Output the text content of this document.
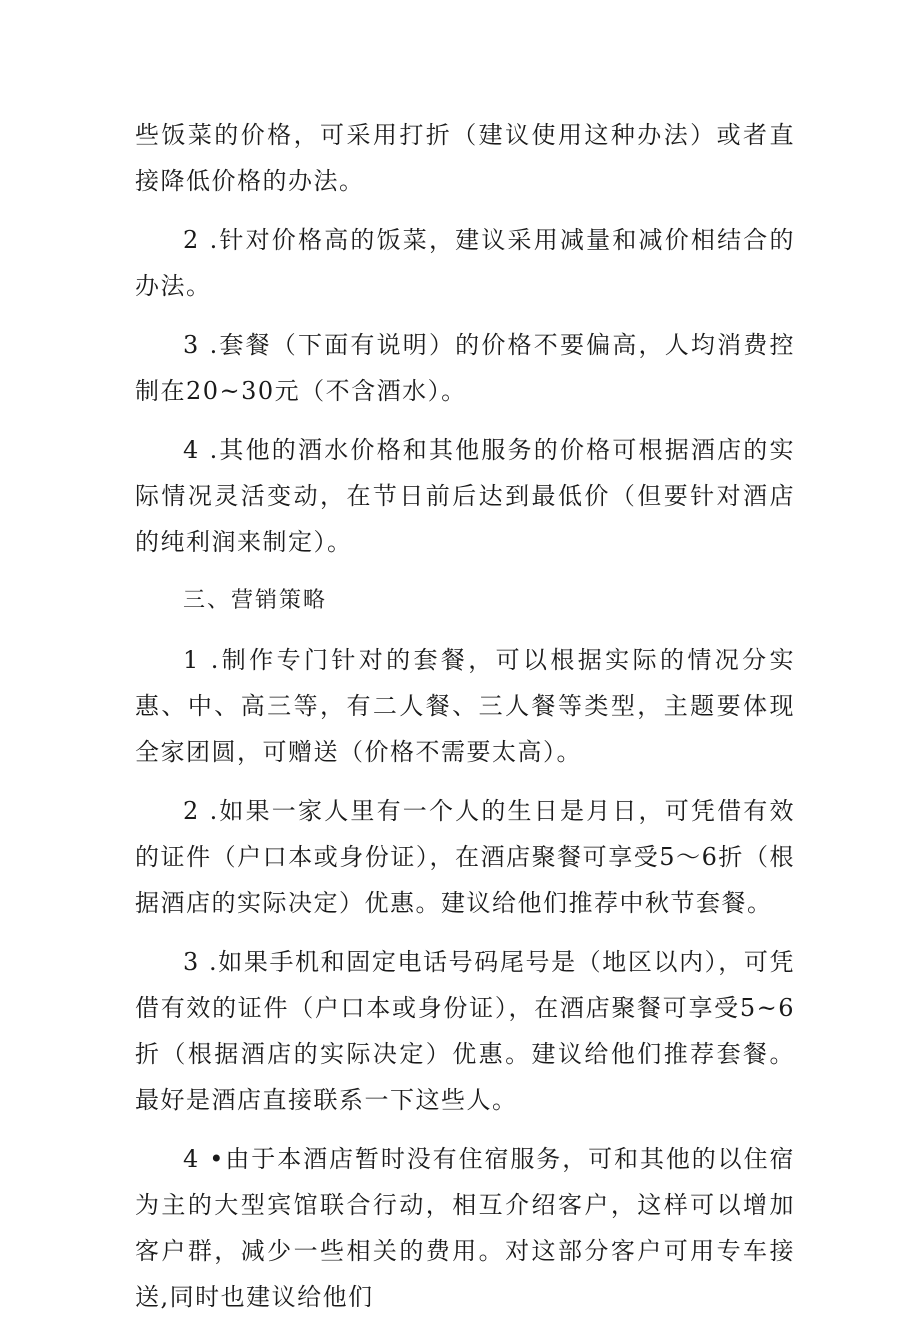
些饭菜的价格，可采用打折（建议使用这种办法）或者直接降低价格的办法。

2 .针对价格高的饭菜，建议采用减量和减价相结合的办法。

3 .套餐（下面有说明）的价格不要偏高，人均消费控制在20~30元（不含酒水）。

4 .其他的酒水价格和其他服务的价格可根据酒店的实际情况灵活变动，在节日前后达到最低价（但要针对酒店的纯利润来制定）。

三、营销策略

1 .制作专门针对的套餐，可以根据实际的情况分实惠、中、高三等，有二人餐、三人餐等类型，主题要体现全家团圆，可赠送（价格不需要太高）。

2 .如果一家人里有一个人的生日是月日，可凭借有效的证件（户口本或身份证），在酒店聚餐可享受5～6折（根据酒店的实际决定）优惠。建议给他们推荐中秋节套餐。

3 .如果手机和固定电话号码尾号是（地区以内），可凭借有效的证件（户口本或身份证），在酒店聚餐可享受5~6折（根据酒店的实际决定）优惠。建议给他们推荐套餐。最好是酒店直接联系一下这些人。

4 •由于本酒店暂时没有住宿服务，可和其他的以住宿为主的大型宾馆联合行动，相互介绍客户，这样可以增加客户群，减少一些相关的费用。对这部分客户可用专车接送,同时也建议给他们
